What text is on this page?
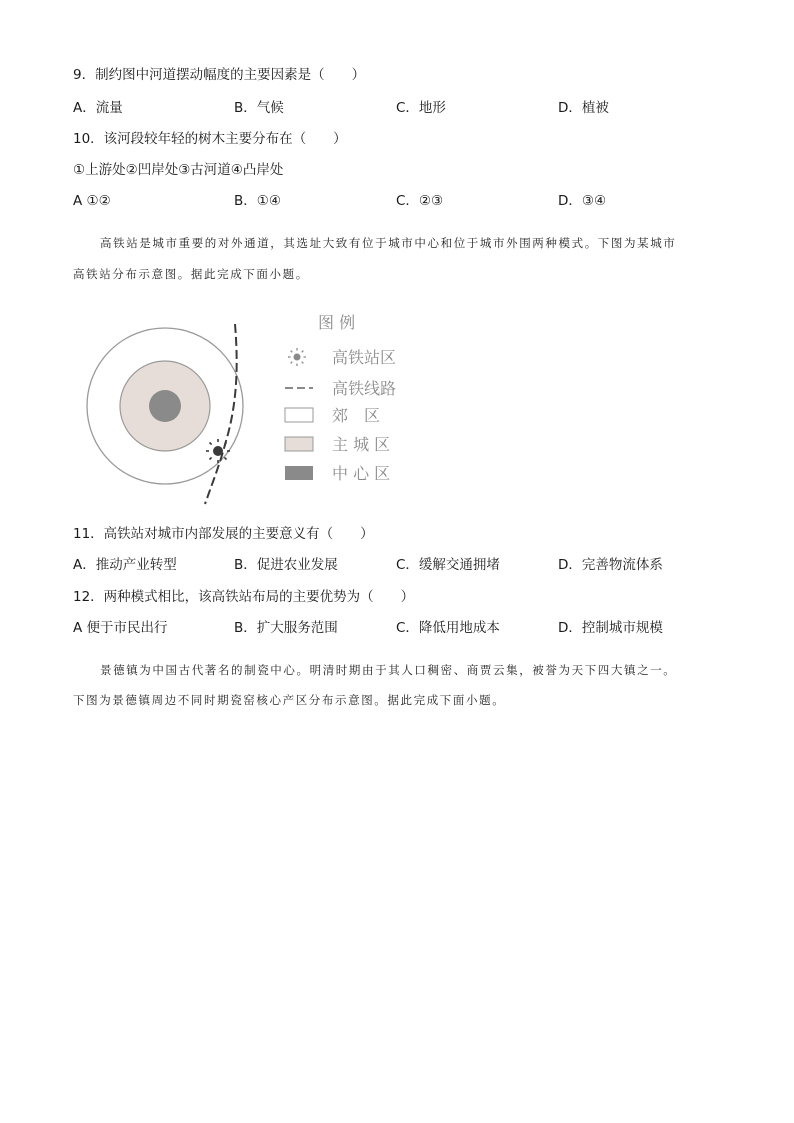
9．制约图中河道摆动幅度的主要因素是（　　）
A．流量	B．气候	C．地形	D．植被
10．该河段较年轻的树木主要分布在（　　）
①上游处②凹岸处③古河道④凸岸处
A ①②	B．①④	C．②③	D．③④
高铁站是城市重要的对外通道，其选址大致有位于城市中心和位于城市外围两种模式。下图为某城市
高铁站分布示意图。据此完成下面小题。
图 例
高铁站区
高铁线路
郊　区
主 城 区
中 心 区
11．高铁站对城市内部发展的主要意义有（　　）
A．推动产业转型	B．促进农业发展	C．缓解交通拥堵	D．完善物流体系
12．两种模式相比，该高铁站布局的主要优势为（　　）
A 便于市民出行	B．扩大服务范围	C．降低用地成本	D．控制城市规模
景德镇为中国古代著名的制瓷中心。明清时期由于其人口稠密、商贾云集，被誉为天下四大镇之一。
下图为景德镇周边不同时期瓷窑核心产区分布示意图。据此完成下面小题。
